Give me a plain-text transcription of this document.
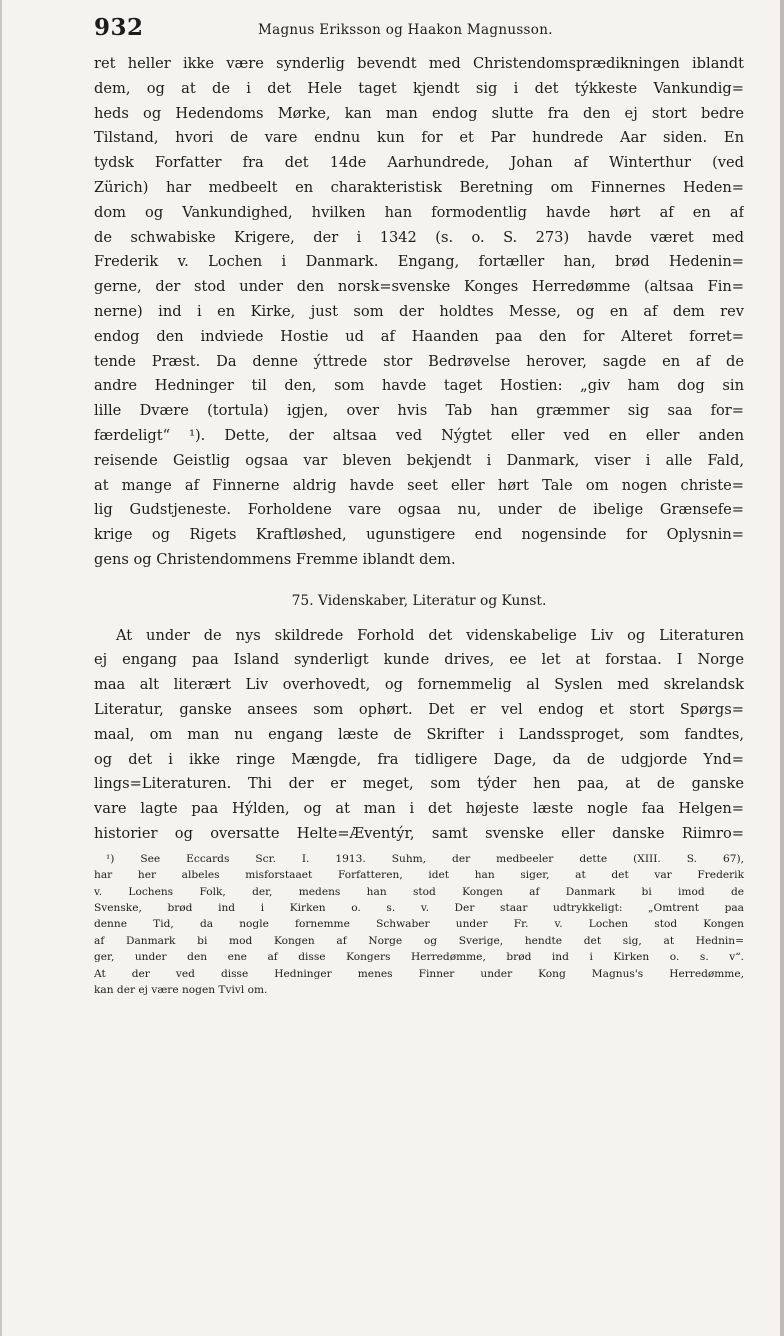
932	Magnus Eriksson og Haakon Magnusson.
ret heller ikke være synderlig bevendt med Christendomsprædikningen iblandt
dem, og at de i det Hele taget kjendt sig i det týkkeste Vankundig=
heds og Hedendoms Mørke, kan man endog slutte fra den ej stort bedre
Tilstand, hvori de vare endnu kun for et Par hundrede Aar siden. En
tydsk Forfatter fra det 14de Aarhundrede, Johan af Winterthur (ved
Zürich) har medbeelt en charakteristisk Beretning om Finnernes Heden=
dom og Vankundighed, hvilken han formodentlig havde hørt af en af
de schwabiske Krigere, der i 1342 (s. o. S. 273) havde været med
Frederik v. Lochen i Danmark. Engang, fortæller han, brød Hedenin=
gerne, der stod under den norsk=svenske Konges Herredømme (altsaa Fin=
nerne) ind i en Kirke, just som der holdtes Messe, og en af dem rev
endog den indviede Hostie ud af Haanden paa den for Alteret forret=
tende Præst. Da denne ýttrede stor Bedrøvelse herover, sagde en af de
andre Hedninger til den, som havde taget Hostien: „giv ham dog sin
lille Dvære (tortula) igjen, over hvis Tab han græmmer sig saa for=
færdeligt“ ¹). Dette, der altsaa ved Nýgtet eller ved en eller anden
reisende Geistlig ogsaa var bleven bekjendt i Danmark, viser i alle Fald,
at mange af Finnerne aldrig havde seet eller hørt Tale om nogen christe=
lig Gudstjeneste. Forholdene vare ogsaa nu, under de ibelige Grænsefe=
krige og Rigets Kraftløshed, ugunstigere end nogensinde for Oplysnin=
gens og Christendommens Fremme iblandt dem.
75. Videnskaber, Literatur og Kunst.
At under de nys skildrede Forhold det videnskabelige Liv og Literaturen
ej engang paa Island synderligt kunde drives, ee let at forstaa. I Norge
maa alt literært Liv overhovedt, og fornemmelig al Syslen med skrelandsk
Literatur, ganske ansees som ophørt. Det er vel endog et stort Spørgs=
maal, om man nu engang læste de Skrifter i Landssproget, som fandtes,
og det i ikke ringe Mængde, fra tidligere Dage, da de udgjorde Ynd=
lings=Literaturen. Thi der er meget, som týder hen paa, at de ganske
vare lagte paa Hýlden, og at man i det højeste læste nogle faa Helgen=
historier og oversatte Helte=Æventýr, samt svenske eller danske Riimro=
¹) See Eccards Scr. I. 1913. Suhm, der medbeeler dette (XIII. S. 67),
har her albeles misforstaaet Forfatteren, idet han siger, at det var Frederik
v. Lochens Folk, der, medens han stod Kongen af Danmark bi imod de
Svenske, brød ind i Kirken o. s. v. Der staar udtrykkeligt: „Omtrent paa
denne Tid, da nogle fornemme Schwaber under Fr. v. Lochen stod Kongen
af Danmark bi mod Kongen af Norge og Sverige, hendte det sig, at Hednin=
ger, under den ene af disse Kongers Herredømme, brød ind i Kirken o. s. v“.
At der ved disse Hedninger menes Finner under Kong Magnus's Herredømme,
kan der ej være nogen Tvivl om.
